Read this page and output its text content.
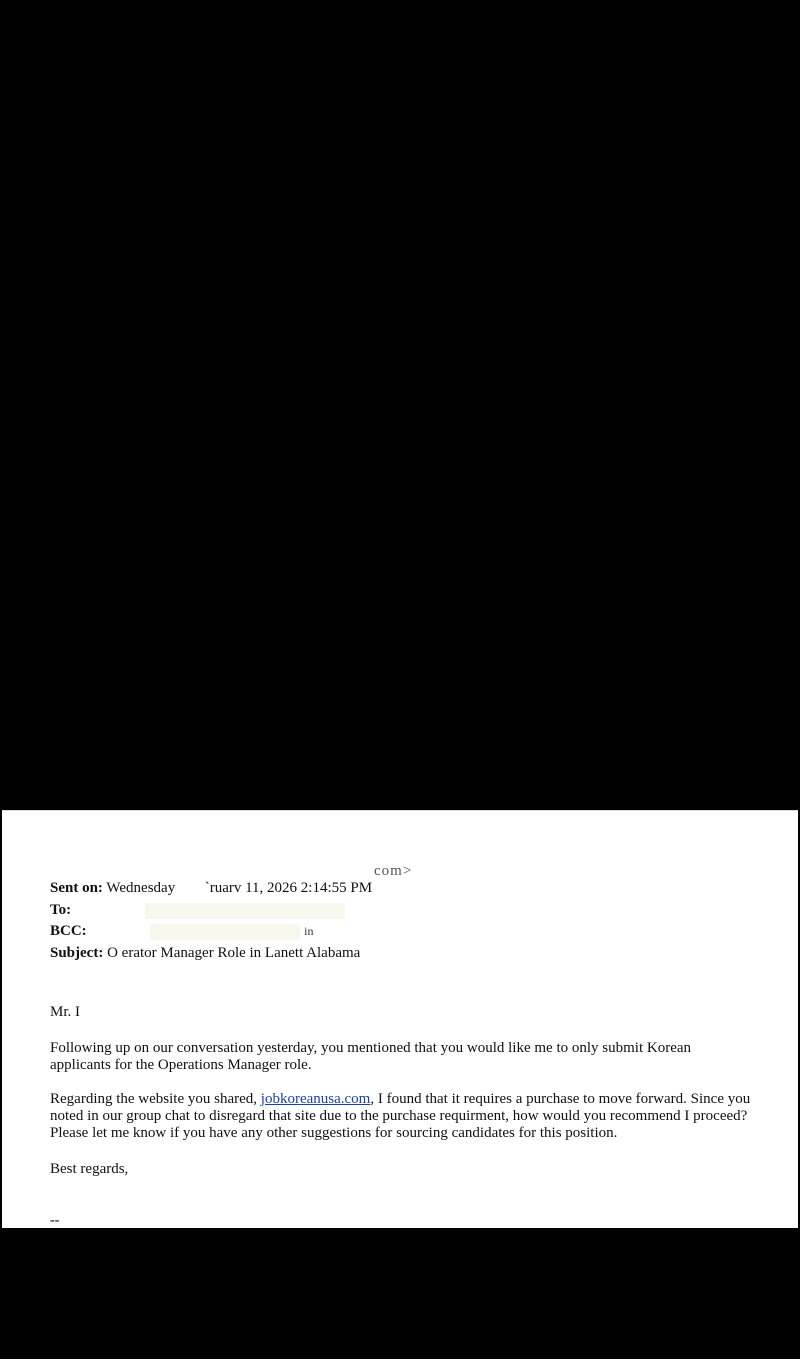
com>
Sent on: Wednesday `ruarv 11, 2026 2:14:55 PM
To:
BCC:	in
Subject: O erator Manager Role in Lanett Alabama
Mr. I
Following up on our conversation yesterday, you mentioned that you would like me to only submit Korean applicants for the Operations Manager role.
Regarding the website you shared, jobkoreanusa.com, I found that it requires a purchase to move forward. Since you noted in our group chat to disregard that site due to the purchase requirment, how would you recommend I proceed? Please let me know if you have any other suggestions for sourcing candidates for this position.
Best regards,
--
